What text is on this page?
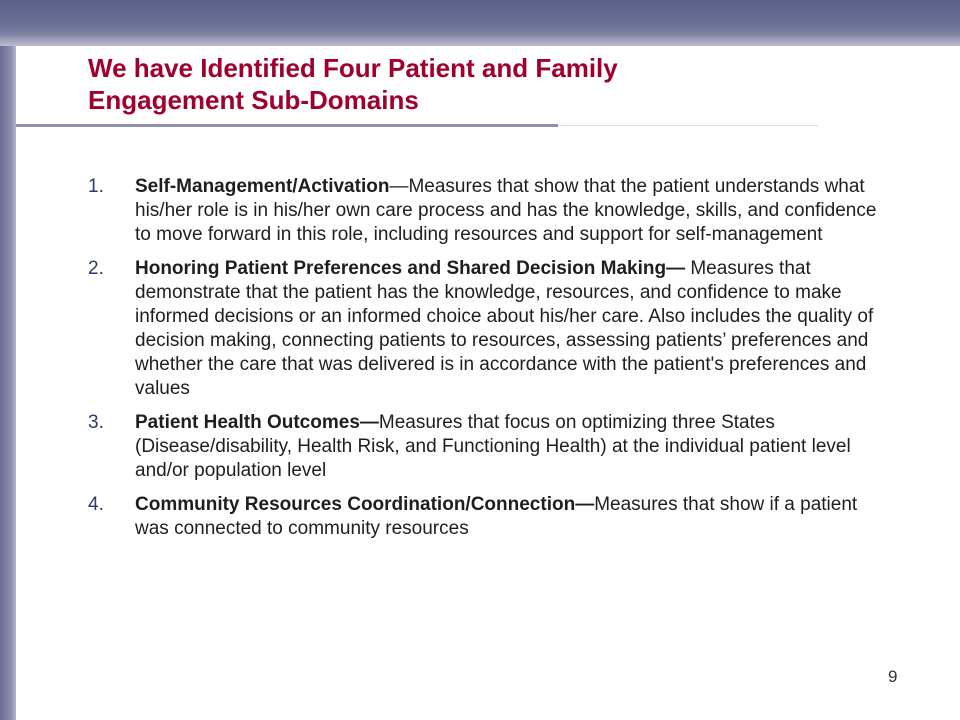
We have Identified Four Patient and Family
Engagement Sub-Domains
1. Self-Management/Activation—Measures that show that the patient understands what his/her role is in his/her own care process and has the knowledge, skills, and confidence to move forward in this role, including resources and support for self-management
2. Honoring Patient Preferences and Shared Decision Making— Measures that demonstrate that the patient has the knowledge, resources, and confidence to make informed decisions or an informed choice about his/her care. Also includes the quality of decision making, connecting patients to resources, assessing patients’ preferences and whether the care that was delivered is in accordance with the patient's preferences and values
3. Patient Health Outcomes—Measures that focus on optimizing three States (Disease/disability, Health Risk, and Functioning Health) at the individual patient level and/or population level
4. Community Resources Coordination/Connection—Measures that show if a patient was connected to community resources
9
